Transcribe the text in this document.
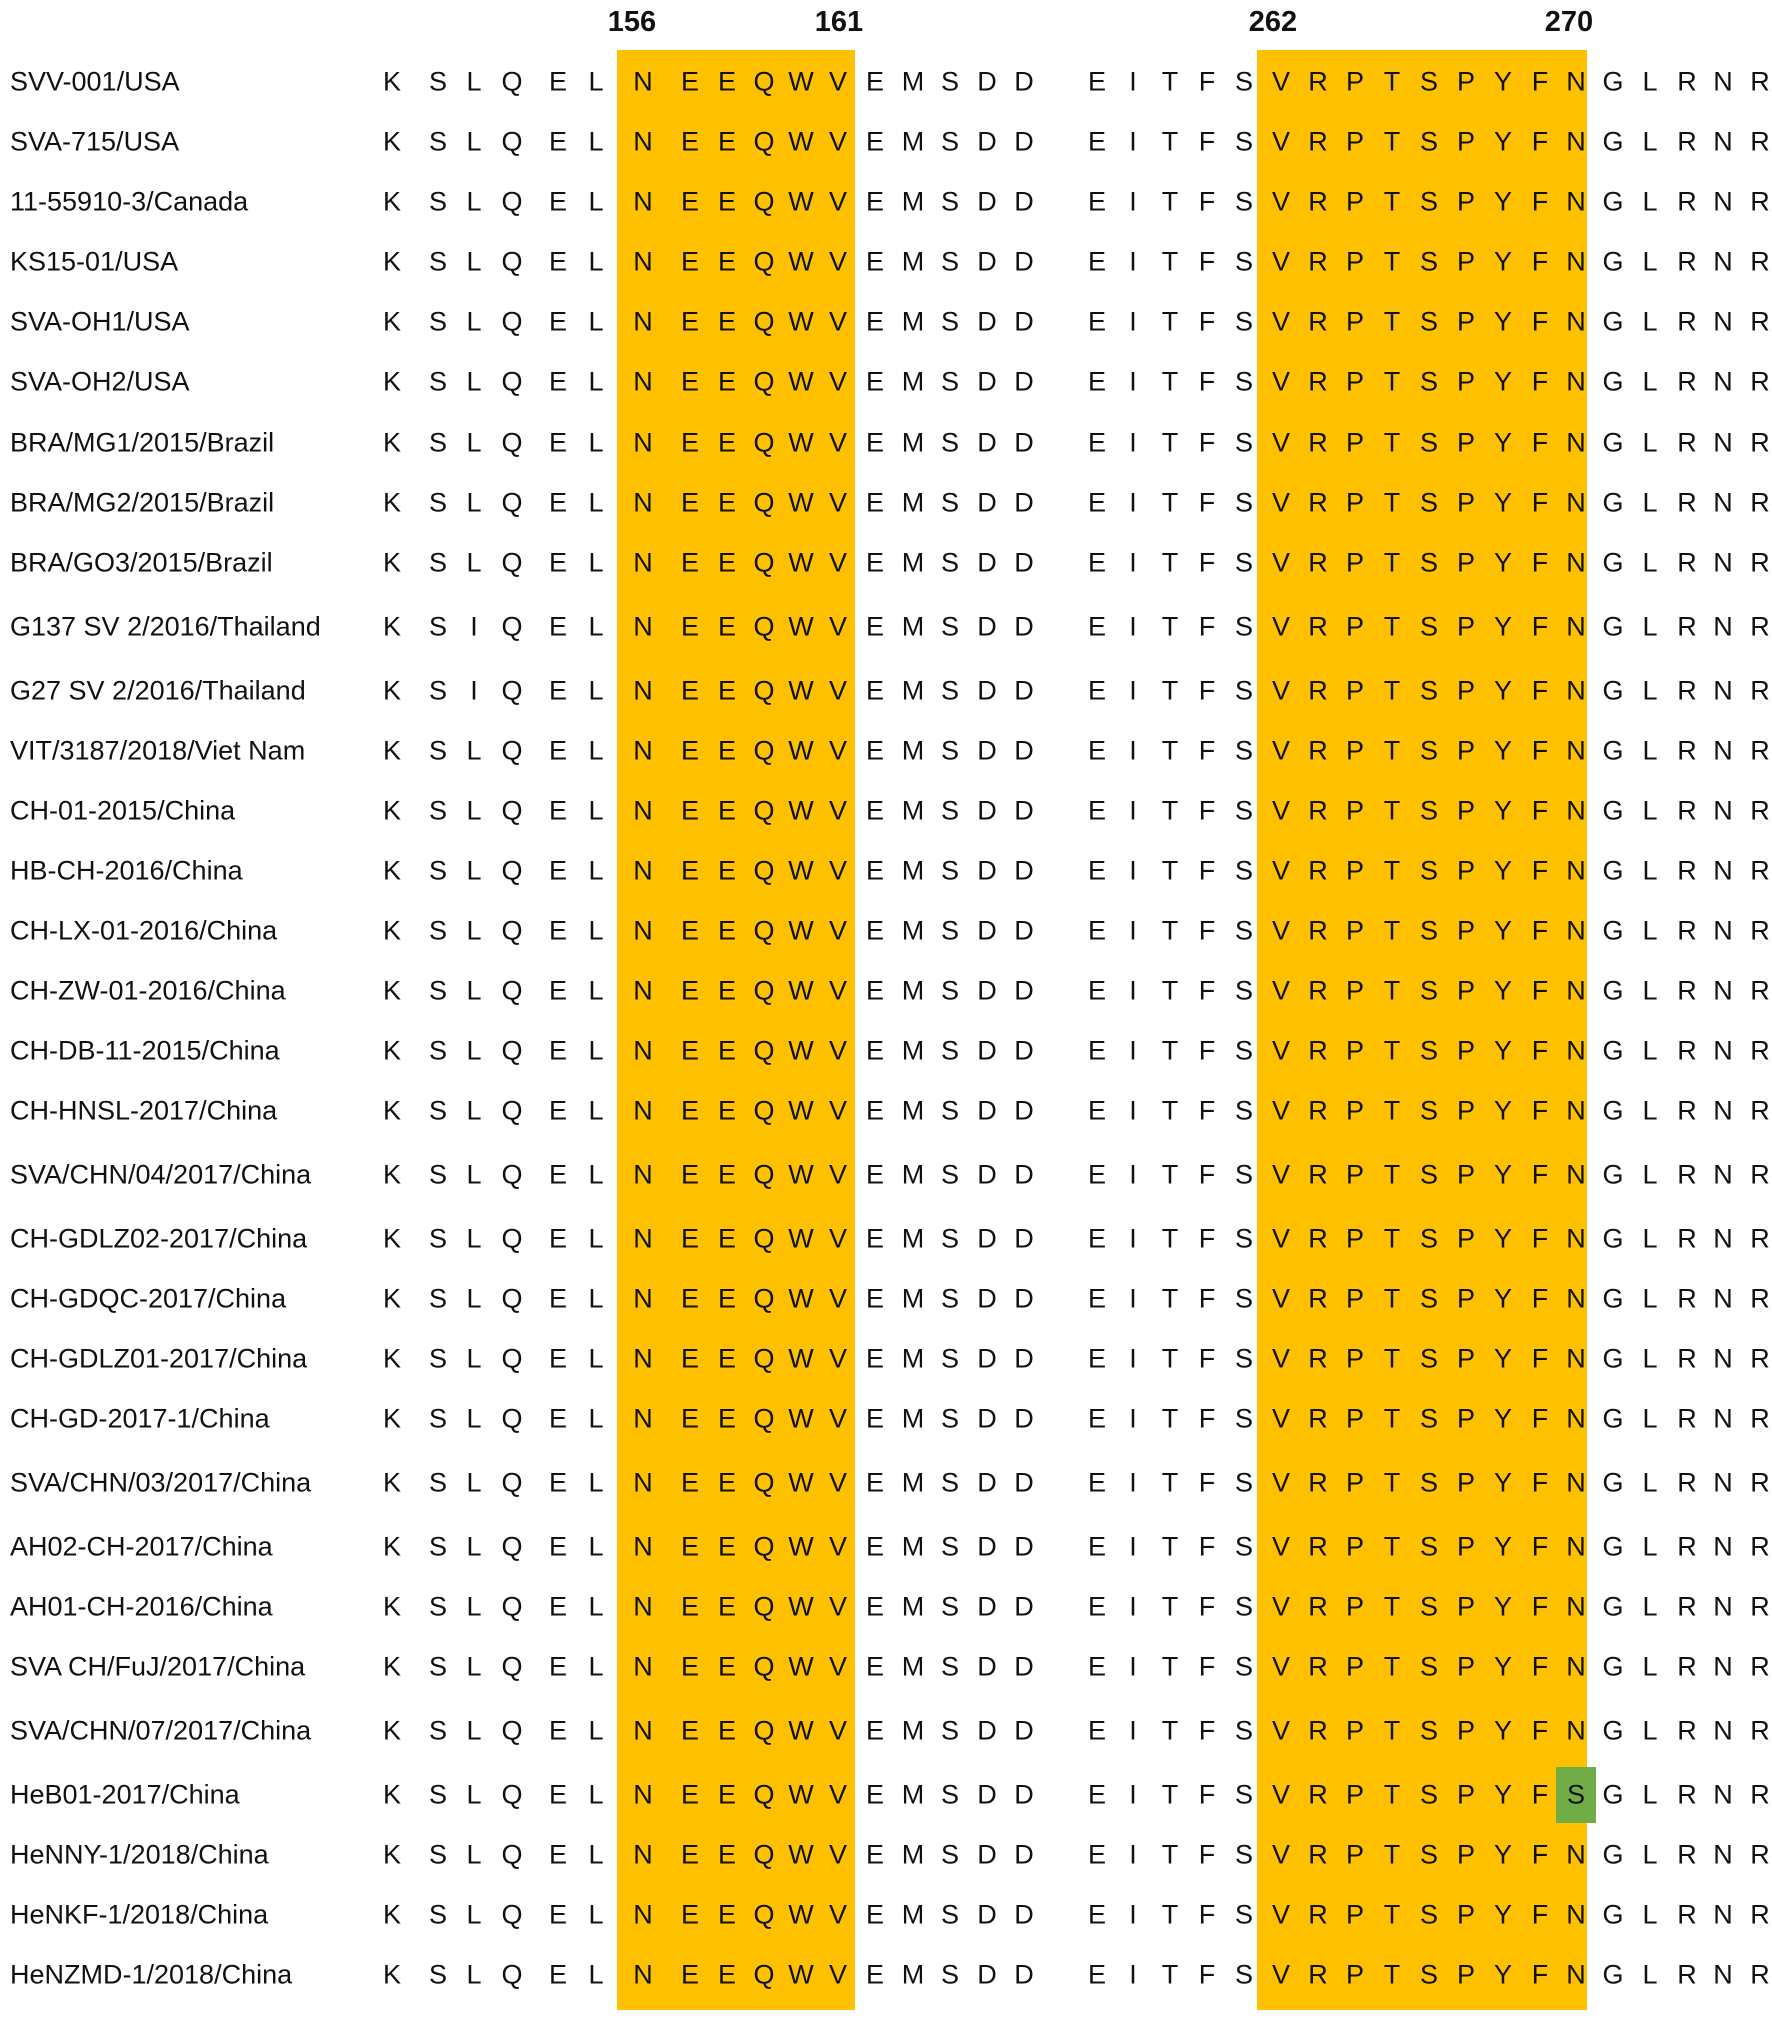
156	161	262	270
SVV-001/USA	K S L Q E L N E E Q W V E M S D D E I T F S V R P T S P Y F N G L R N R
SVA-715/USA	K S L Q E L N E E Q W V E M S D D E I T F S V R P T S P Y F N G L R N R
11-55910-3/Canada	K S L Q E L N E E Q W V E M S D D E I T F S V R P T S P Y F N G L R N R
KS15-01/USA	K S L Q E L N E E Q W V E M S D D E I T F S V R P T S P Y F N G L R N R
SVA-OH1/USA	K S L Q E L N E E Q W V E M S D D E I T F S V R P T S P Y F N G L R N R
SVA-OH2/USA	K S L Q E L N E E Q W V E M S D D E I T F S V R P T S P Y F N G L R N R
BRA/MG1/2015/Brazil	K S L Q E L N E E Q W V E M S D D E I T F S V R P T S P Y F N G L R N R
BRA/MG2/2015/Brazil	K S L Q E L N E E Q W V E M S D D E I T F S V R P T S P Y F N G L R N R
BRA/GO3/2015/Brazil	K S L Q E L N E E Q W V E M S D D E I T F S V R P T S P Y F N G L R N R
G137 SV 2/2016/Thailand K S I Q E L N E E Q W V E M S D D E I T F S V R P T S P Y F N G L R N R
G27 SV 2/2016/Thailand	K S I Q E L N E E Q W V E M S D D E I T F S V R P T S P Y F N G L R N R
VIT/3187/2018/Viet Nam	K S L Q E L N E E Q W V E M S D D E I T F S V R P T S P Y F N G L R N R
CH-01-2015/China	K S L Q E L N E E Q W V E M S D D E I T F S V R P T S P Y F N G L R N R
HB-CH-2016/China	K S L Q E L N E E Q W V E M S D D E I T F S V R P T S P Y F N G L R N R
CH-LX-01-2016/China	K S L Q E L N E E Q W V E M S D D E I T F S V R P T S P Y F N G L R N R
CH-ZW-01-2016/China	K S L Q E L N E E Q W V E M S D D E I T F S V R P T S P Y F N G L R N R
CH-DB-11-2015/China	K S L Q E L N E E Q W V E M S D D E I T F S V R P T S P Y F N G L R N R
CH-HNSL-2017/China	K S L Q E L N E E Q W V E M S D D E I T F S V R P T S P Y F N G L R N R
SVA/CHN/04/2017/China	K S L Q E L N E E Q W V E M S D D E I T F S V R P T S P Y F N G L R N R
CH-GDLZ02-2017/China	K S L Q E L N E E Q W V E M S D D E I T F S V R P T S P Y F N G L R N R
CH-GDQC-2017/China	K S L Q E L N E E Q W V E M S D D E I T F S V R P T S P Y F N G L R N R
CH-GDLZ01-2017/China	K S L Q E L N E E Q W V E M S D D E I T F S V R P T S P Y F N G L R N R
CH-GD-2017-1/China	K S L Q E L N E E Q W V E M S D D E I T F S V R P T S P Y F N G L R N R
SVA/CHN/03/2017/China	K S L Q E L N E E Q W V E M S D D E I T F S V R P T S P Y F N G L R N R
AH02-CH-2017/China	K S L Q E L N E E Q W V E M S D D E I T F S V R P T S P Y F N G L R N R
AH01-CH-2016/China	K S L Q E L N E E Q W V E M S D D E I T F S V R P T S P Y F N G L R N R
SVA CH/FuJ/2017/China	K S L Q E L N E E Q W V E M S D D E I T F S V R P T S P Y F N G L R N R
SVA/CHN/07/2017/China	K S L Q E L N E E Q W V E M S D D E I T F S V R P T S P Y F N G L R N R
HeB01-2017/China	K S L Q E L N E E Q W V E M S D D E I T F S V R P T S P Y F S G L R N R
HeNNY-1/2018/China	K S L Q E L N E E Q W V E M S D D E I T F S V R P T S P Y F N G L R N R
HeNKF-1/2018/China	K S L Q E L N E E Q W V E M S D D E I T F S V R P T S P Y F N G L R N R
HeNZMD-1/2018/China	K S L Q E L N E E Q W V E M S D D E I T F S V R P T S P Y F N G L R N R
